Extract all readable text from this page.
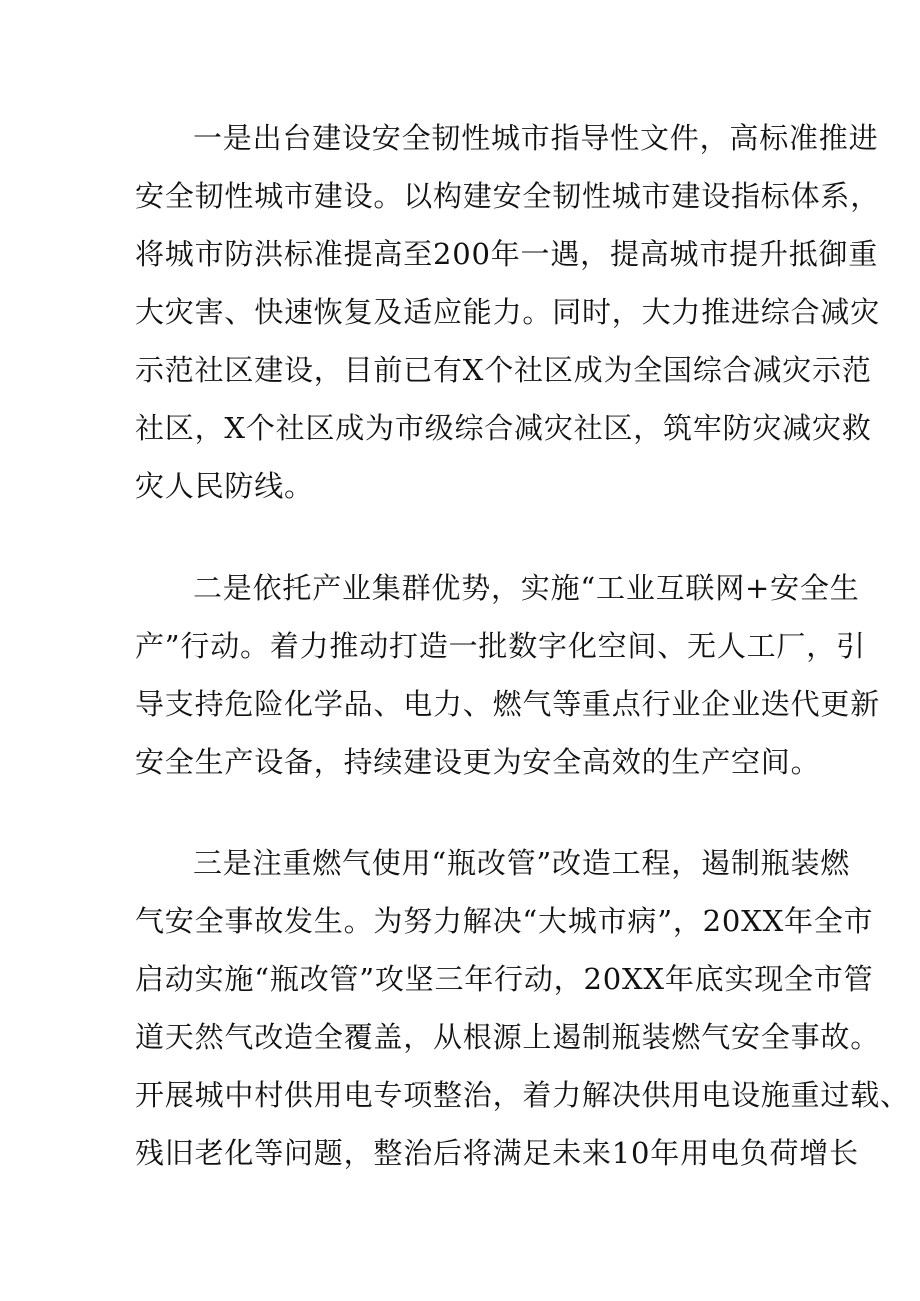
一是出台建设安全韧性城市指导性文件，高标准推进
安全韧性城市建设。以构建安全韧性城市建设指标体系，
将城市防洪标准提高至200年一遇，提高城市提升抵御重
大灾害、快速恢复及适应能力。同时，大力推进综合减灾
示范社区建设，目前已有X个社区成为全国综合减灾示范
社区，X个社区成为市级综合减灾社区，筑牢防灾减灾救
灾人民防线。
二是依托产业集群优势，实施“工业互联网+安全生
产”行动。着力推动打造一批数字化空间、无人工厂，引
导支持危险化学品、电力、燃气等重点行业企业迭代更新
安全生产设备，持续建设更为安全高效的生产空间。
三是注重燃气使用“瓶改管”改造工程，遏制瓶装燃
气安全事故发生。为努力解决“大城市病”，20XX年全市
启动实施“瓶改管”攻坚三年行动，20XX年底实现全市管
道天然气改造全覆盖，从根源上遏制瓶装燃气安全事故。
开展城中村供用电专项整治，着力解决供用电设施重过载、
残旧老化等问题，整治后将满足未来10年用电负荷增长
